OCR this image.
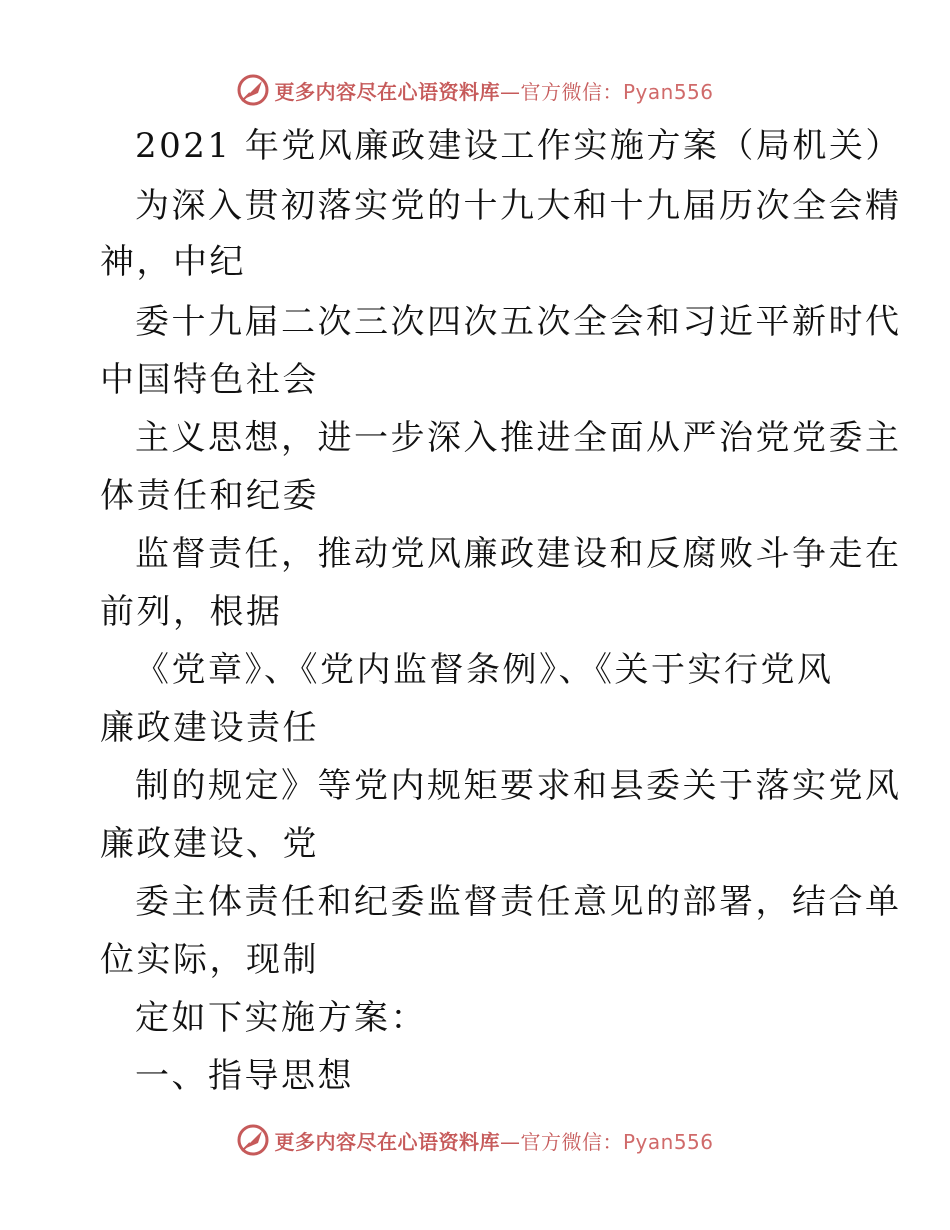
更多内容尽在心语资料库—官方微信：Pyan556
2021 年党风廉政建设工作实施方案（局机关）
为深入贯初落实党的十九大和十九届历次全会精
神，中纪
委十九届二次三次四次五次全会和习近平新时代
中国特色社会
主义思想，进一步深入推进全面从严治党党委主
体责任和纪委
监督责任，推动党风廉政建设和反腐败斗争走在
前列，根据
《党章》、《党内监督条例》、《关于实行党风
廉政建设责任
制的规定》等党内规矩要求和县委关于落实党风
廉政建设、党
委主体责任和纪委监督责任意见的部署，结合单
位实际，现制
定如下实施方案：
一、指导思想
更多内容尽在心语资料库—官方微信：Pyan556
